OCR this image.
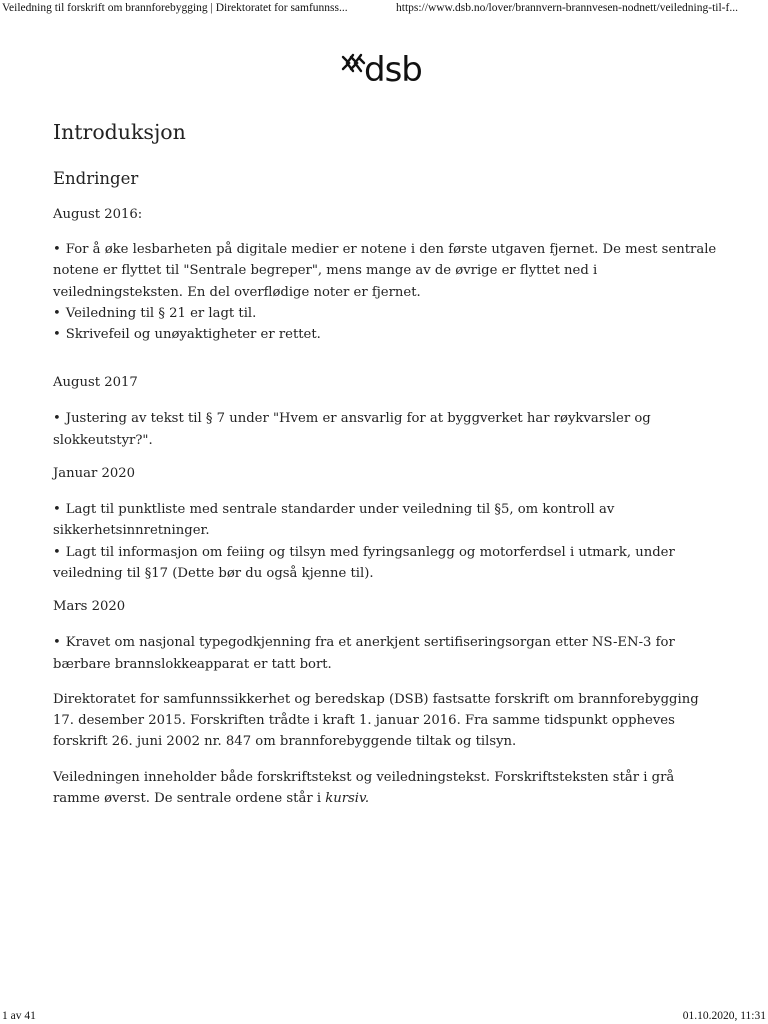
Veiledning til forskrift om brannforebygging | Direktoratet for samfunnss...	https://www.dsb.no/lover/brannvern-brannvesen-nodnett/veiledning-til-f...
dsb
Introduksjon
Endringer
August 2016:
• For å øke lesbarheten på digitale medier er notene i den første utgaven fjernet. De mest sentrale notene er flyttet til "Sentrale begreper", mens mange av de øvrige er flyttet ned i veiledningsteksten. En del overflødige noter er fjernet.
• Veiledning til § 21 er lagt til.
• Skrivefeil og unøyaktigheter er rettet.
August 2017
• Justering av tekst til § 7 under "Hvem er ansvarlig for at byggverket har røykvarsler og slokkeutstyr?".
Januar 2020
• Lagt til punktliste med sentrale standarder under veiledning til §5, om kontroll av sikkerhetsinnretninger.
• Lagt til informasjon om feiing og tilsyn med fyringsanlegg og motorferdsel i utmark, under veiledning til §17 (Dette bør du også kjenne til).
Mars 2020
• Kravet om nasjonal typegodkjenning fra et anerkjent sertifiseringsorgan etter NS-EN-3 for bærbare brannslokkeapparat er tatt bort.

Direktoratet for samfunnssikkerhet og beredskap (DSB) fastsatte forskrift om brannforebygging 17. desember 2015. Forskriften trådte i kraft 1. januar 2016. Fra samme tidspunkt oppheves forskrift 26. juni 2002 nr. 847 om brannforebyggende tiltak og tilsyn.

Veiledningen inneholder både forskriftstekst og veiledningstekst. Forskriftsteksten står i grå ramme øverst. De sentrale ordene står i kursiv.

1 av 41	01.10.2020, 11:31
